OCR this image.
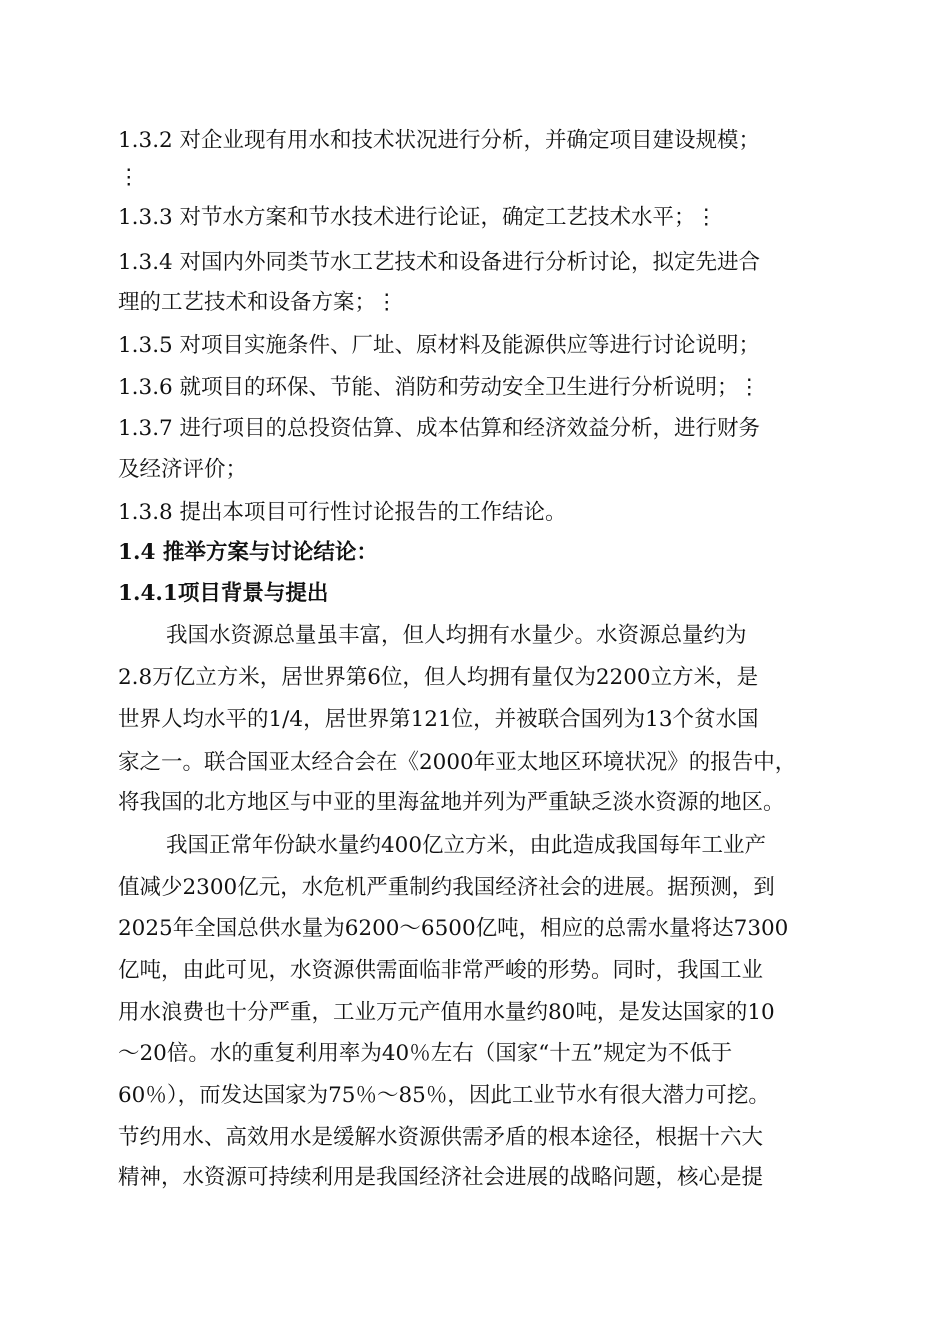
1.3.2 对企业现有用水和技术状况进行分析，并确定项目建设规模；
⋮
1.3.3 对节水方案和节水技术进行论证，确定工艺技术水平；⋮
1.3.4 对国内外同类节水工艺技术和设备进行分析讨论，拟定先进合
理的工艺技术和设备方案；⋮
1.3.5 对项目实施条件、厂址、原材料及能源供应等进行讨论说明；
1.3.6 就项目的环保、节能、消防和劳动安全卫生进行分析说明；⋮
1.3.7 进行项目的总投资估算、成本估算和经济效益分析，进行财务
及经济评价；
1.3.8 提出本项目可行性讨论报告的工作结论。
1.4 推举方案与讨论结论：
1.4.1项目背景与提出
我国水资源总量虽丰富，但人均拥有水量少。水资源总量约为
2.8万亿立方米，居世界第6位，但人均拥有量仅为2200立方米，是
世界人均水平的1/4，居世界第121位，并被联合国列为13个贫水国
家之一。联合国亚太经合会在《2000年亚太地区环境状况》的报告中，
将我国的北方地区与中亚的里海盆地并列为严重缺乏淡水资源的地区。
我国正常年份缺水量约400亿立方米，由此造成我国每年工业产
值减少2300亿元，水危机严重制约我国经济社会的进展。据预测，到
2025年全国总供水量为6200～6500亿吨，相应的总需水量将达7300
亿吨，由此可见，水资源供需面临非常严峻的形势。同时，我国工业
用水浪费也十分严重，工业万元产值用水量约80吨，是发达国家的10
～20倍。水的重复利用率为40％左右（国家“十五”规定为不低于
60％），而发达国家为75％～85％，因此工业节水有很大潜力可挖。
节约用水、高效用水是缓解水资源供需矛盾的根本途径，根据十六大
精神，水资源可持续利用是我国经济社会进展的战略问题，核心是提
